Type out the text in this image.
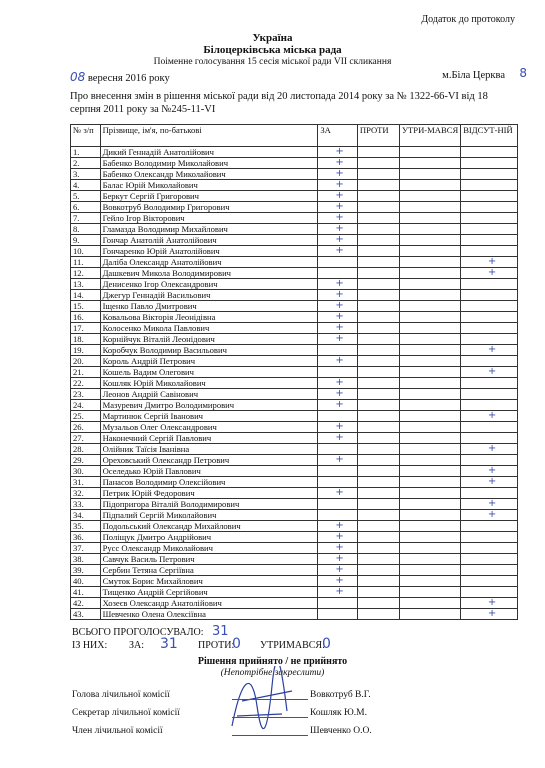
Додаток до протоколу
Україна
Білоцерківська міська рада
Поіменне голосування 15 сесія міської ради VII скликання
08 вересня 2016 року	м.Біла Церква 8
Про внесення змін в рішення міської ради від 20 листопада 2014 року за № 1322-66-VI від 18 серпня 2011 року за №245-11-VI
№ з/п	Прізвище, ім'я, по-батькові	ЗА	ПРОТИ	УТРИ-МАВСЯ	ВІДСУТ-НІЙ
1.	Дикий Геннадій Анатолійович	+			

2.	Бабенко Володимир Миколайович	+			

3.	Бабенко Олександр Миколайович	+			

4.	Балас Юрій Миколайович	+			

5.	Беркут Сергій Григорович	+			

6.	Вовкотруб Володимир Григорович	+			

7.	Гейло Ігор Вікторович	+			

8.	Гламазда Володимир Михайлович	+			

9.	Гончар Анатолій Анатолійович	+			

10.	Гончаренко Юрій Анатолійович	+			

11.	Даліба Олександр Анатолійович				+

12.	Дашкевич Микола Володимирович				+

13.	Денисенко Ігор Олександрович	+			

14.	Джегур Геннадій Васильович	+			

15.	Іщенко Павло Дмитрович	+			

16.	Ковальова Вікторія Леонідівна	+			

17.	Колосенко Микола Павлович	+			

18.	Корнійчук Віталій Леонідович	+			

19.	Коробчук Володимир Васильович				+

20.	Король Андрій Петрович	+			

21.	Кошель Вадим Олегович				+

22.	Кошляк Юрій Миколайович	+			

23.	Леонов Андрій Савінович	+			

24.	Мазуревич Дмитро Володимирович	+			

25.	Мартинюк Сергій Іванович				+

26.	Музальов Олег Олександрович	+			

27.	Наконечний Сергій Павлович	+			

28.	Олійник Таїсія Іванівна				+

29.	Ореховський Олександр Петрович	+			

30.	Оселедько Юрій Павлович				+

31.	Панасов Володимир Олексійович				+

32.	Петрик Юрій Федорович	+			

33.	Підопригора Віталій Володимирович				+

34.	Підпалий Сергій Миколайович				+

35.	Подольський Олександр Михайлович	+			

36.	Поліщук Дмитро Андрійович	+			

37.	Русс Олександр Миколайович	+			

38.	Савчук Василь Петрович	+			

39.	Сербин Тетяна Сергіївна	+			

40.	Смуток Борис Михайлович	+			

41.	Тищенко Андрій Сергійович	+			

42.	Хозеєв Олександр Анатолійович				+

43.	Шевченко Олена Олексіївна				+
ВСЬОГО ПРОГОЛОСУВАЛО: 31
ІЗ НИХ: ЗА: 31 ПРОТИ:
0 УТРИМАВСЯ:
0
Рішення прийнято / не прийнято
(Непотрібне закреслити)
Голова лічильної комісії	Вовкотруб В.Г.
Секретар лічильної комісії	Кошляк Ю.М.
Член лічильної комісії	Шевченко О.О.
